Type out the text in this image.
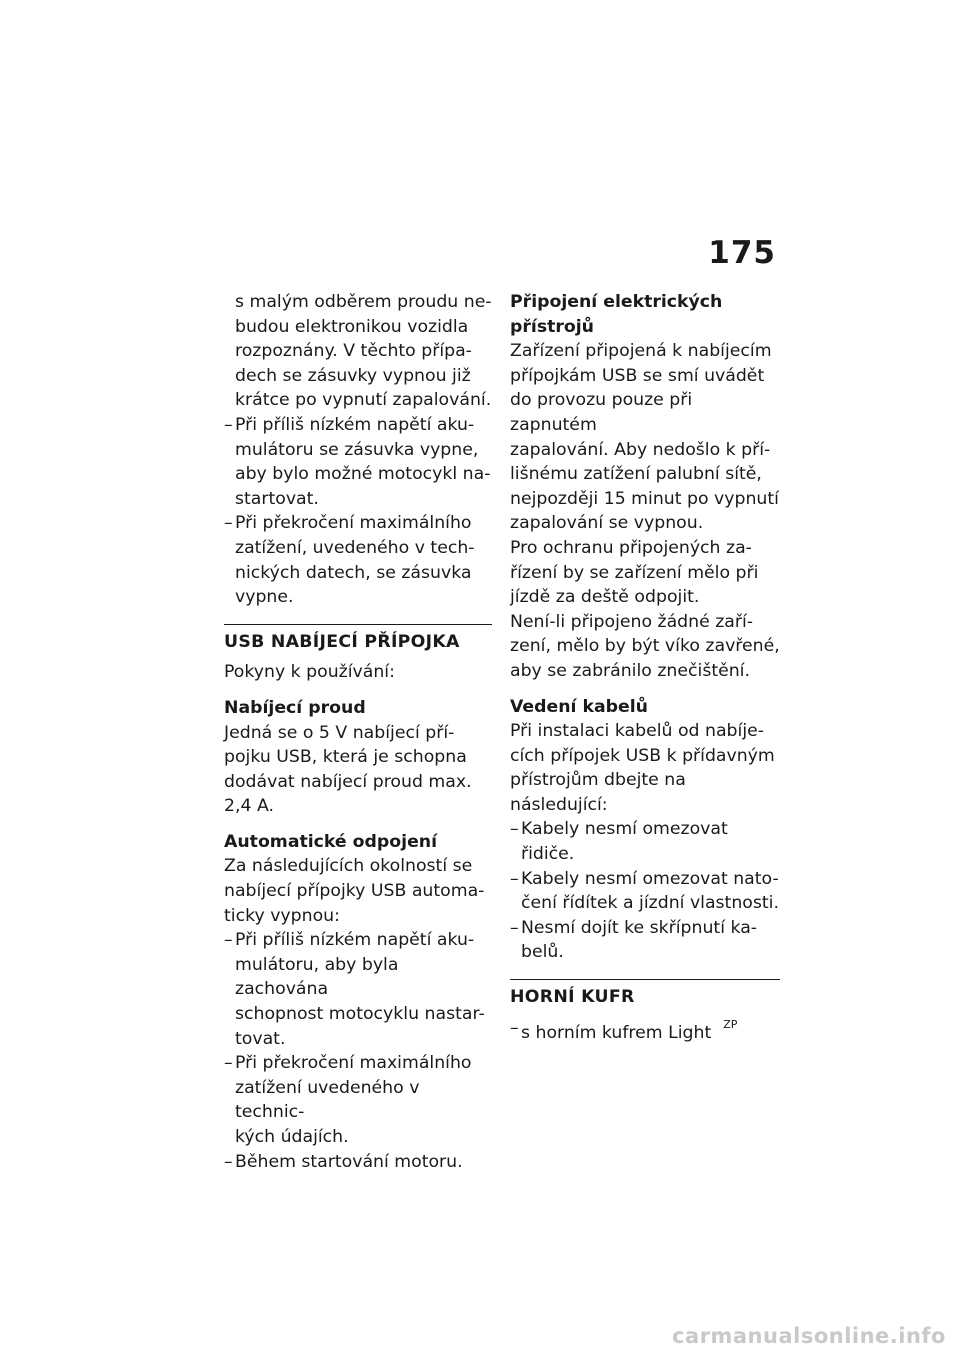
175

s malým odběrem proudu ne-

budou elektronikou vozidla

rozpoznány. V těchto přípa-

dech se zásuvky vypnou již

krátce po vypnutí zapalování.

– Při příliš nízkém napětí aku-

mulátoru se zásuvka vypne,

aby bylo možné motocykl na-

startovat.

– Při překročení maximálního

zatížení, uvedeného v tech-

nických datech, se zásuvka

vypne.

USB NABÍJECÍ PŘÍPOJKA

Pokyny k používání:

Nabíjecí proud

Jedná se o 5 V nabíjecí pří-

pojku USB, která je schopna

dodávat nabíjecí proud max.

2,4 A.

Automatické odpojení

Za následujících okolností se

nabíjecí přípojky USB automa-

ticky vypnou:

– Při příliš nízkém napětí aku-

mulátoru, aby byla zachována

schopnost motocyklu nastar-

tovat.

– Při překročení maximálního

zatížení uvedeného v technic-

kých údajích.

– Během startování motoru.

Připojení elektrických

přístrojů

Zařízení připojená k nabíjecím

přípojkám USB se smí uvádět

do provozu pouze při zapnutém

zapalování. Aby nedošlo k pří-

lišnému zatížení palubní sítě,

nejpozději 15 minut po vypnutí

zapalování se vypnou.

Pro ochranu připojených za-

řízení by se zařízení mělo při

jízdě za deště odpojit.

Není-li připojeno žádné zaří-

zení, mělo by být víko zavřené,

aby se zabránilo znečištění.

Vedení kabelů

Při instalaci kabelů od nabíje-

cích přípojek USB k přídavným

přístrojům dbejte na následující:

– Kabely nesmí omezovat řidiče.

– Kabely nesmí omezovat nato-

čení řídítek a jízdní vlastnosti.

– Nesmí dojít ke skřípnutí ka-

belů.

HORNÍ KUFR

– s horním kufrem Light $^{ZP}$

carmanualsonline.info
